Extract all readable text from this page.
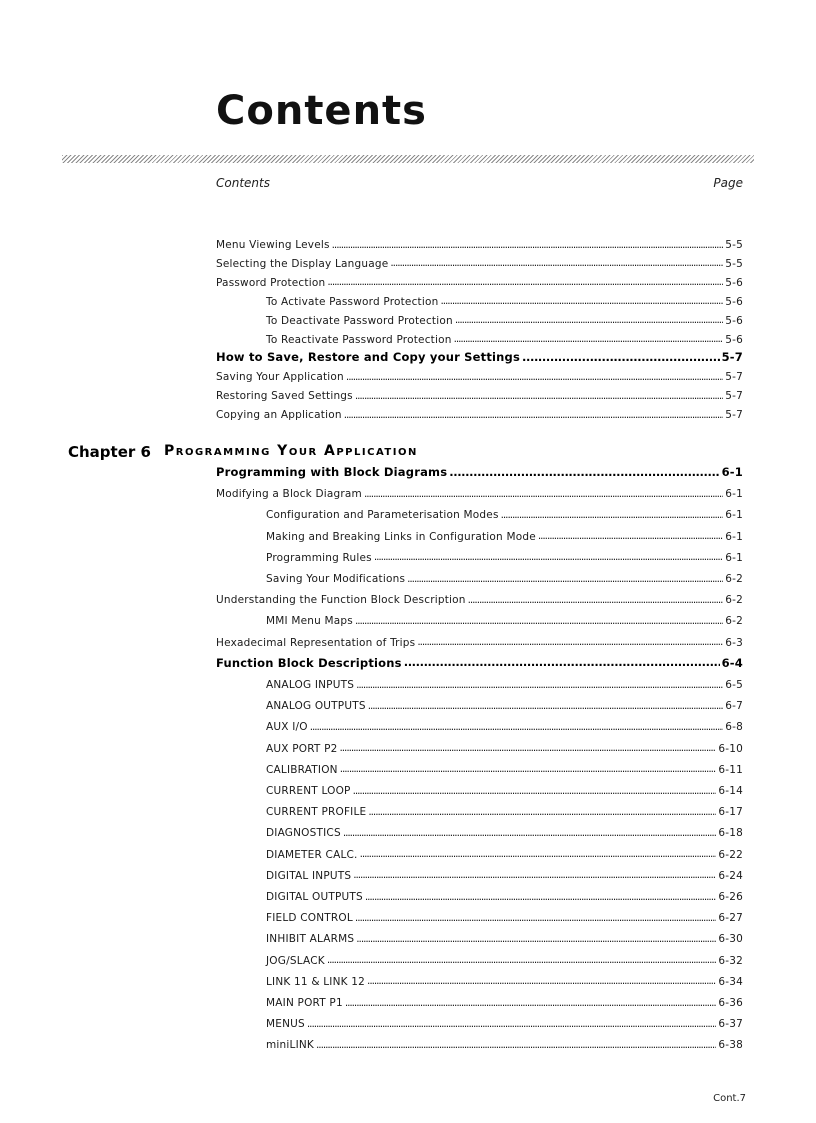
Contents
Contents	Page
Menu Viewing Levels . . .	5-5
Selecting the Display Language . . .	5-5
Password Protection . . .	5-6
To Activate Password Protection . . .	5-6
To Deactivate Password Protection . . .	5-6
To Reactivate Password Protection . . .	5-6
How to Save, Restore and Copy your Settings . . .	5-7
Saving Your Application . . .	5-7
Restoring Saved Settings . . .	5-7
Copying an Application . . .	5-7
Programming with Block Diagrams . . .	6-1
Modifying a Block Diagram . . .	6-1
Configuration and Parameterisation Modes . . .	6-1
Making and Breaking Links in Configuration Mode . . .	6-1
Programming Rules . . .	6-1
Saving Your Modifications . . .	6-2
Understanding the Function Block Description . . .	6-2
MMI Menu Maps . . .	6-2
Hexadecimal Representation of Trips . . .	6-3
Function Block Descriptions . . .	6-4
ANALOG INPUTS . . .	6-5
ANALOG OUTPUTS . . .	6-7
AUX I/O . . .	6-8
AUX PORT P2 . . .	6-10
CALIBRATION . . .	6-11
CURRENT LOOP . . .	6-14
CURRENT PROFILE . . .	6-17
DIAGNOSTICS . . .	6-18
DIAMETER CALC. . . .	6-22
DIGITAL INPUTS . . .	6-24
DIGITAL OUTPUTS . . .	6-26
FIELD CONTROL . . .	6-27
INHIBIT ALARMS . . .	6-30
JOG/SLACK . . .	6-32
LINK 11 & LINK 12 . . .	6-34
MAIN PORT P1 . . .	6-36
MENUS . . .	6-37
miniLINK . . .	6-38
Chapter 6 Programming Your Application
Cont.7
